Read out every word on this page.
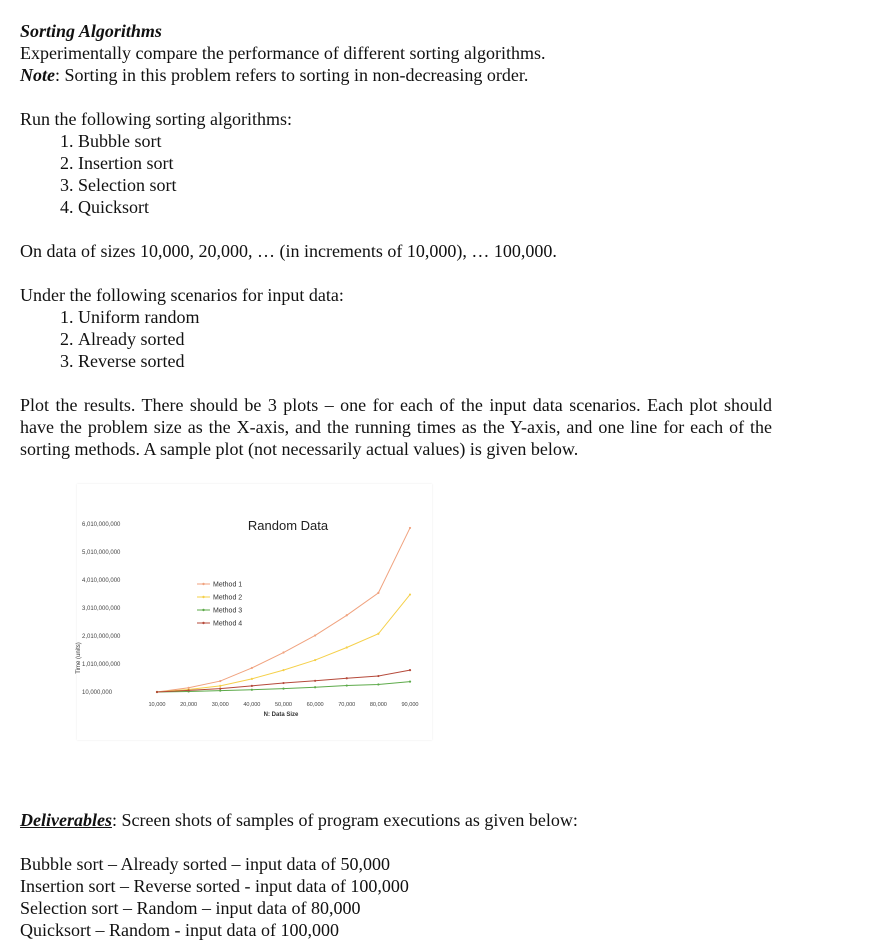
Sorting Algorithms

Experimentally compare the performance of different sorting algorithms.

Note: Sorting in this problem refers to sorting in non-decreasing order.

Run the following sorting algorithms:

1. Bubble sort
2. Insertion sort
3. Selection sort
4. Quicksort

On data of sizes 10,000, 20,000, … (in increments of 10,000), … 100,000.

Under the following scenarios for input data:

1. Uniform random
2. Already sorted
3. Reverse sorted

Plot the results. There should be 3 plots – one for each of the input data scenarios. Each plot should have the problem size as the X-axis, and the running times as the Y-axis, and one line for each of the sorting methods. A sample plot (not necessarily actual values) is given below.

Random Data
Time (units)
N: Data Size
10,000,000
1,010,000,000
2,010,000,000
3,010,000,000
4,010,000,000
5,010,000,000
6,010,000,000
10,000	20,000	30,000	40,000	50,000	60,000	70,000	80,000	90,000
Method 1
Method 2
Method 3
Method 4

Deliverables: Screen shots of samples of program executions as given below:

Bubble sort – Already sorted – input data of 50,000

Insertion sort – Reverse sorted - input data of 100,000

Selection sort – Random – input data of 80,000

Quicksort – Random - input data of 100,000
